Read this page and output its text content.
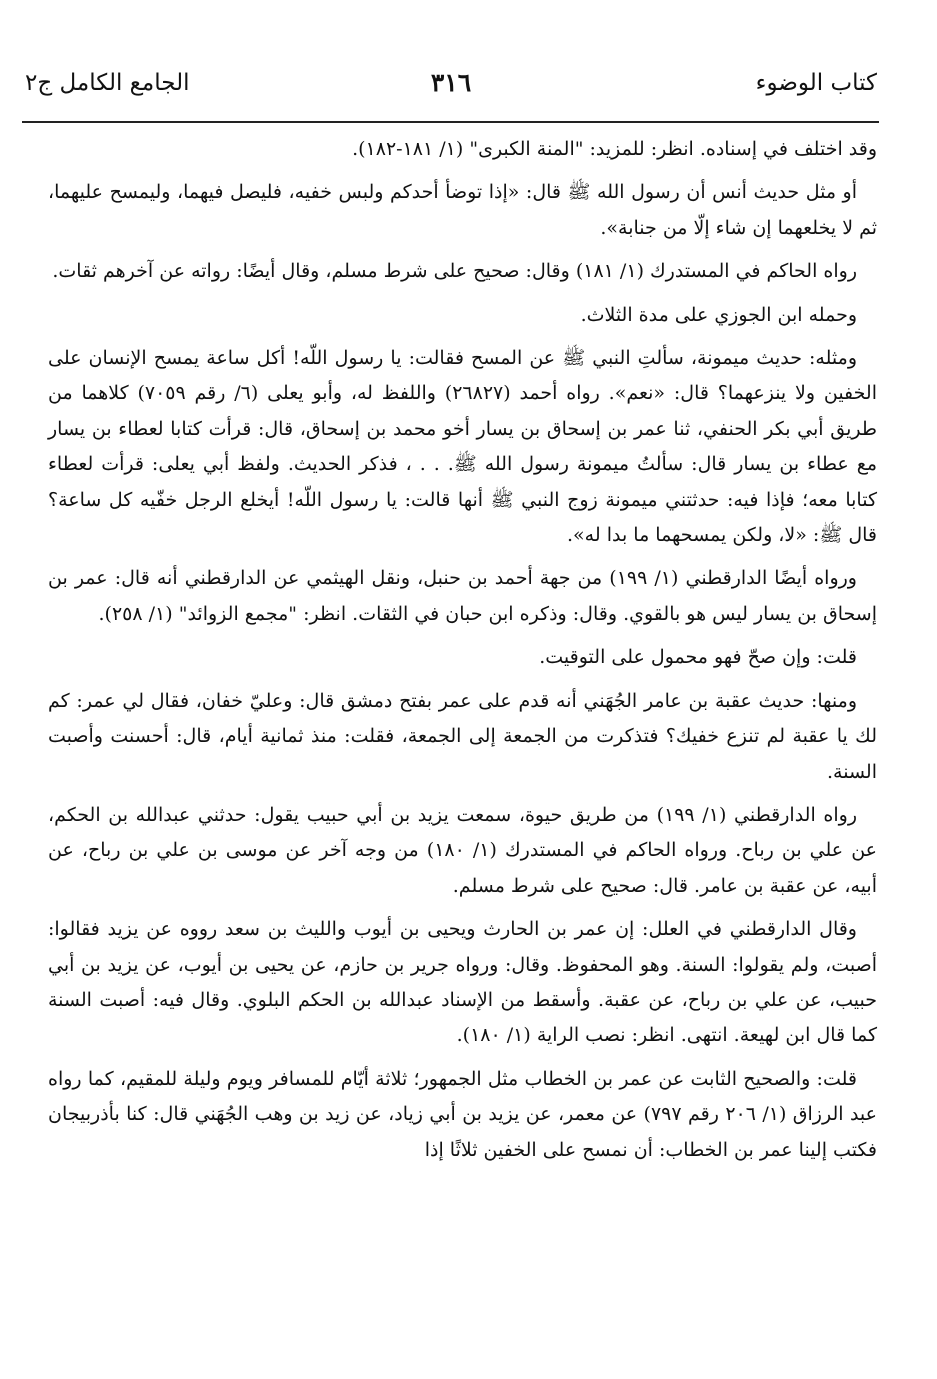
كتاب الوضوء
٣١٦
الجامع الكامل ج٢

وقد اختلف في إسناده. انظر: للمزيد: "المنة الكبرى" (١/ ١٨١-١٨٢).

أو مثل حديث أنس أن رسول الله ﷺ قال: «إذا توضأ أحدكم ولبس خفيه، فليصل فيهما، وليمسح عليهما، ثم لا يخلعهما إن شاء إلّا من جنابة».

رواه الحاكم في المستدرك (١/ ١٨١) وقال: صحيح على شرط مسلم، وقال أيضًا: رواته عن آخرهم ثقات.

وحمله ابن الجوزي على مدة الثلاث.

ومثله: حديث ميمونة، سألتِ النبي ﷺ عن المسح فقالت: يا رسول اللّه! أكل ساعة يمسح الإنسان على الخفين ولا ينزعهما؟ قال: «نعم». رواه أحمد (٢٦٨٢٧) واللفظ له، وأبو يعلى (٦/ رقم ٧٠٥٩) كلاهما من طريق أبي بكر الحنفي، ثنا عمر بن إسحاق بن يسار أخو محمد بن إسحاق، قال: قرأت كتابا لعطاء بن يسار مع عطاء بن يسار قال: سألتُ ميمونة رسول الله ﷺ. . . ، فذكر الحديث. ولفظ أبي يعلى: قرأت لعطاء كتابا معه؛ فإذا فيه: حدثتني ميمونة زوج النبي ﷺ أنها قالت: يا رسول اللّه! أيخلع الرجل خفّيه كل ساعة؟ قال ﷺ: «لا، ولكن يمسحهما ما بدا له».

ورواه أيضًا الدارقطني (١/ ١٩٩) من جهة أحمد بن حنبل، ونقل الهيثمي عن الدارقطني أنه قال: عمر بن إسحاق بن يسار ليس هو بالقوي. وقال: وذكره ابن حبان في الثقات. انظر: "مجمع الزوائد" (١/ ٢٥٨).

قلت: وإن صحّ فهو محمول على التوقيت.

ومنها: حديث عقبة بن عامر الجُهَني أنه قدم على عمر بفتح دمشق قال: وعليّ خفان، فقال لي عمر: كم لك يا عقبة لم تنزع خفيك؟ فتذكرت من الجمعة إلى الجمعة، فقلت: منذ ثمانية أيام، قال: أحسنت وأصبت السنة.

رواه الدارقطني (١/ ١٩٩) من طريق حيوة، سمعت يزيد بن أبي حبيب يقول: حدثني عبدالله بن الحكم، عن علي بن رباح. ورواه الحاكم في المستدرك (١/ ١٨٠) من وجه آخر عن موسى بن علي بن رباح، عن أبيه، عن عقبة بن عامر. قال: صحيح على شرط مسلم.

وقال الدارقطني في العلل: إن عمر بن الحارث ويحيى بن أيوب والليث بن سعد رووه عن يزيد فقالوا: أصبت، ولم يقولوا: السنة. وهو المحفوظ. وقال: ورواه جرير بن حازم، عن يحيى بن أيوب، عن يزيد بن أبي حبيب، عن علي بن رباح، عن عقبة. وأسقط من الإسناد عبدالله بن الحكم البلوي. وقال فيه: أصبت السنة كما قال ابن لهيعة. انتهى. انظر: نصب الراية (١/ ١٨٠).

قلت: والصحيح الثابت عن عمر بن الخطاب مثل الجمهور؛ ثلاثة أيّام للمسافر ويوم وليلة للمقيم، كما رواه عبد الرزاق (١/ ٢٠٦ رقم ٧٩٧) عن معمر، عن يزيد بن أبي زياد، عن زيد بن وهب الجُهَني قال: كنا بأذربيجان فكتب إلينا عمر بن الخطاب: أن نمسح على الخفين ثلاثًا إذا
